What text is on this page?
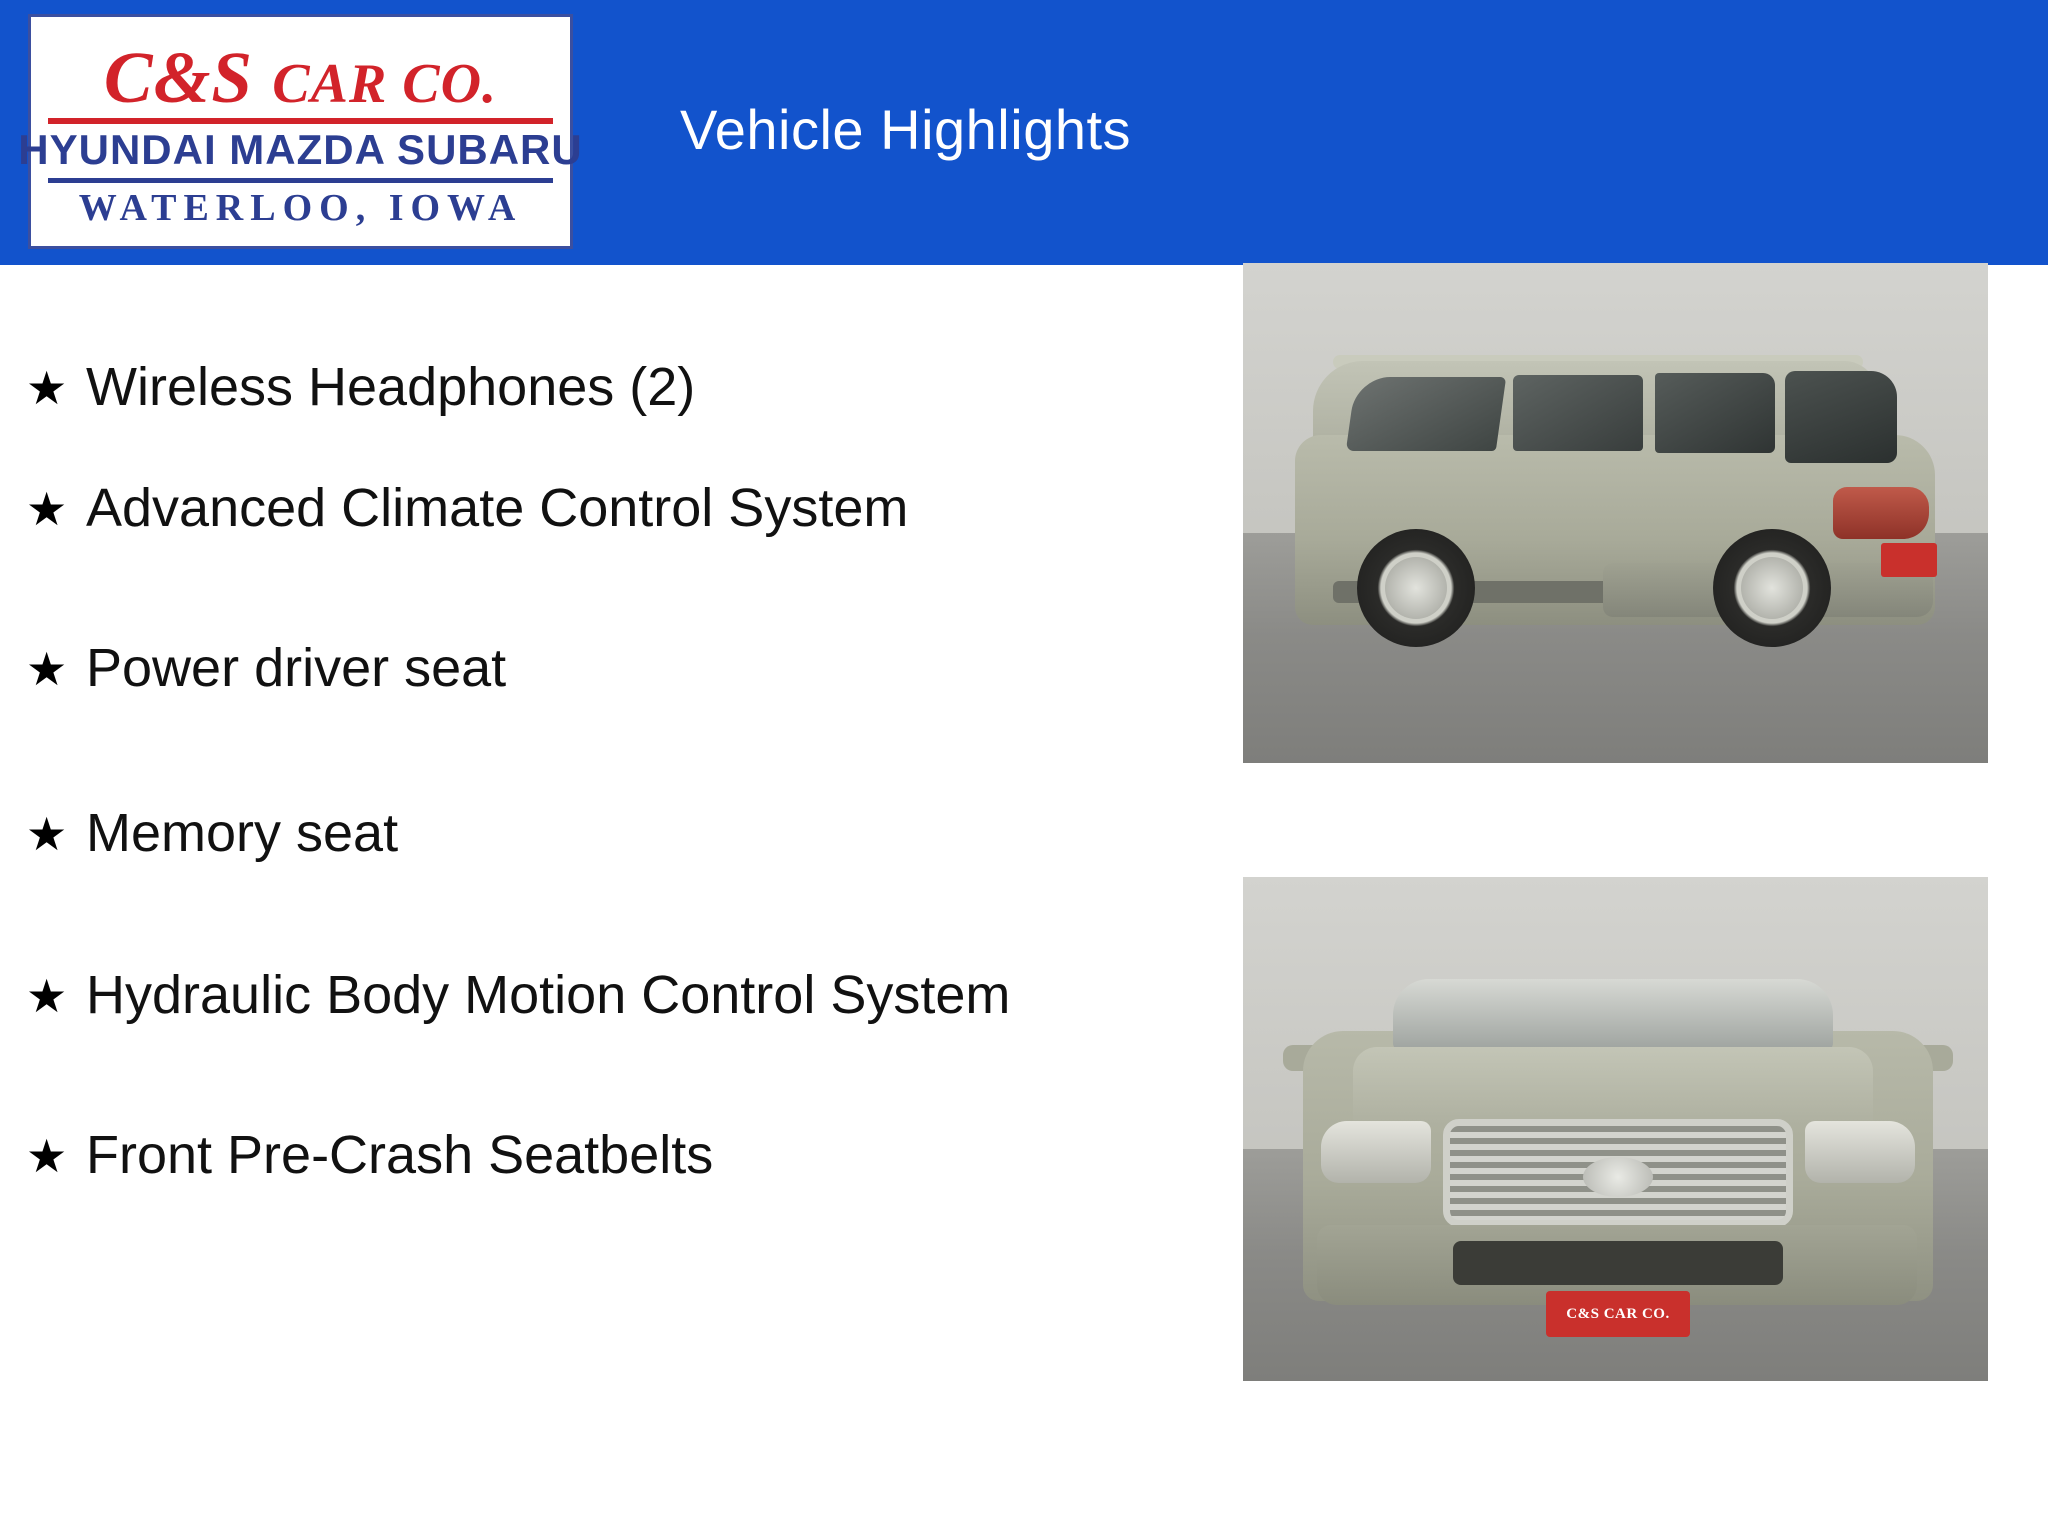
C&S CAR CO.
HYUNDAI MAZDA SUBARU
WATERLOO, IOWA
Vehicle Highlights
★ Wireless Headphones (2)
★ Advanced Climate Control System
★ Power driver seat
★ Memory seat
★ Hydraulic Body Motion Control System
★ Front Pre-Crash Seatbelts
C&S CAR CO.
